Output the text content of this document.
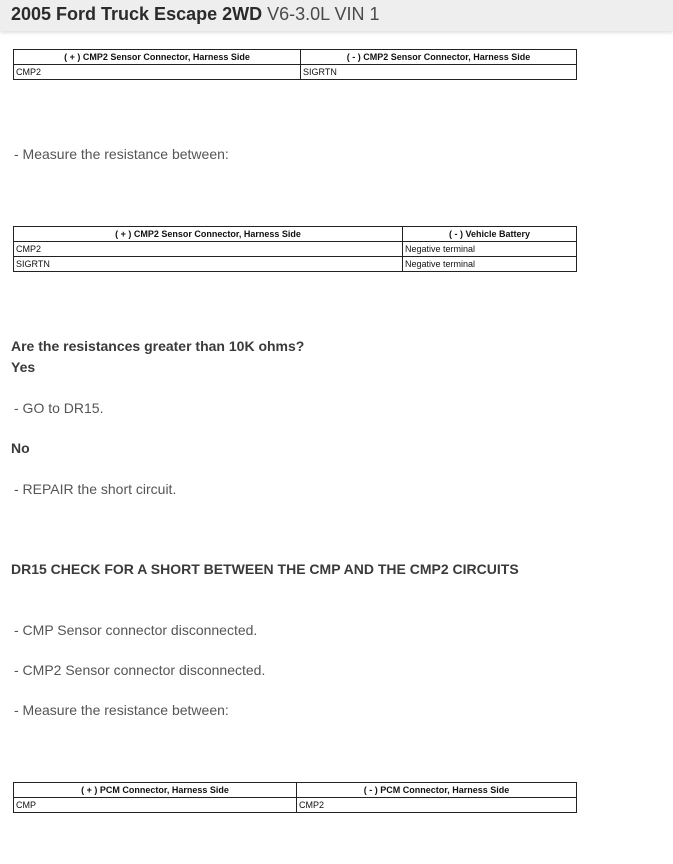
2005 Ford Truck Escape 2WD V6-3.0L VIN 1
( + ) CMP2 Sensor Connector, Harness Side	( - ) CMP2 Sensor Connector, Harness Side
CMP2	SIGRTN
- Measure the resistance between:
( + ) CMP2 Sensor Connector, Harness Side	( - ) Vehicle Battery
CMP2	Negative terminal
SIGRTN	Negative terminal
Are the resistances greater than 10K ohms?
Yes
- GO to DR15.
No
- REPAIR the short circuit.
DR15 CHECK FOR A SHORT BETWEEN THE CMP AND THE CMP2 CIRCUITS
- CMP Sensor connector disconnected.
- CMP2 Sensor connector disconnected.
- Measure the resistance between:
( + ) PCM Connector, Harness Side	( - ) PCM Connector, Harness Side
CMP	CMP2
